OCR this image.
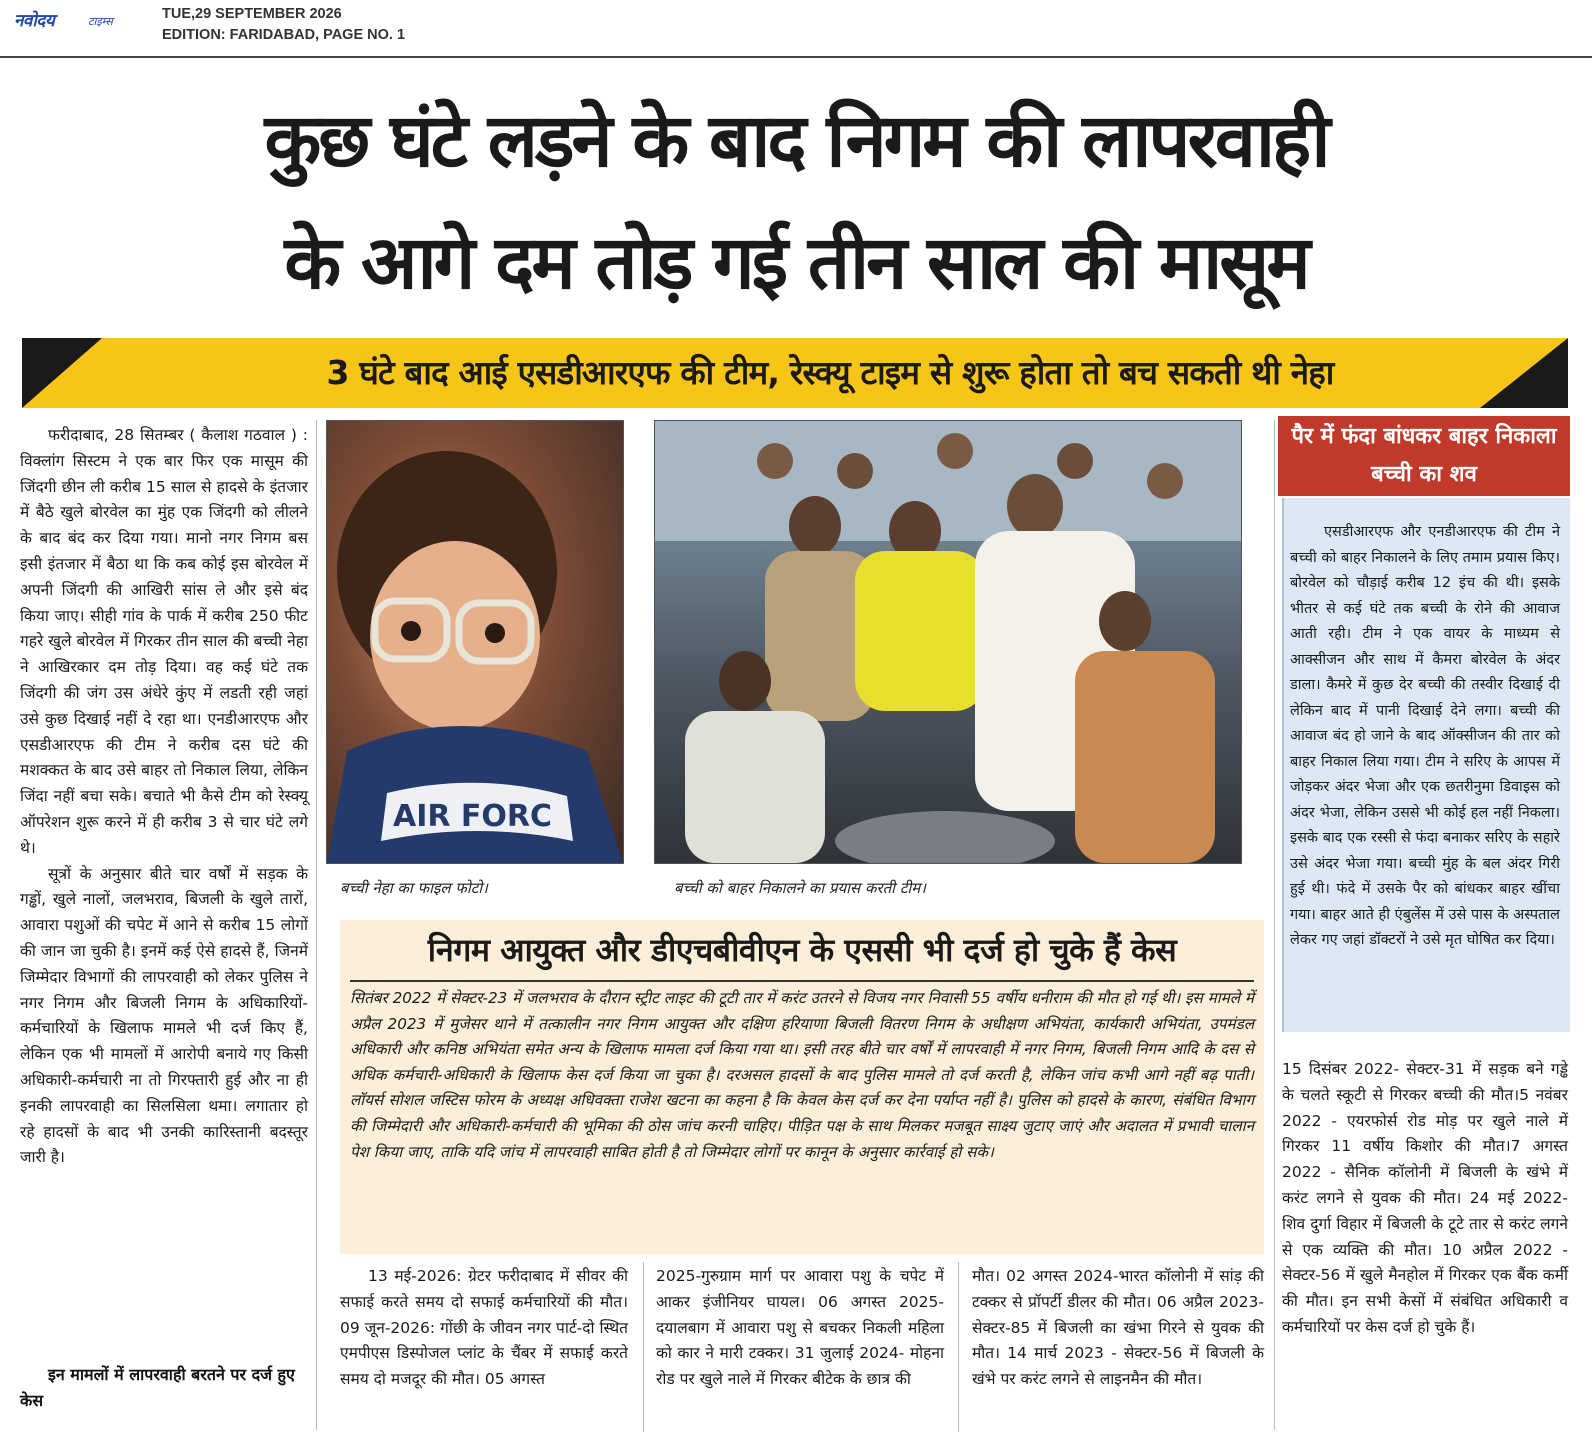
नवोदय	टाइम्स	TUE,29 SEPTEMBER 2026
EDITION: FARIDABAD, PAGE NO. 1
कुछ घंटे लड़ने के बाद निगम की लापरवाही
के आगे दम तोड़ गई तीन साल की मासूम
3 घंटे बाद आई एसडीआरएफ की टीम, रेस्क्यू टाइम से शुरू होता तो बच सकती थी नेहा

फरीदाबाद, 28 सितम्बर ( कैलाश गठवाल ) : विक्लांग सिस्टम ने एक बार फिर एक मासूम की जिंदगी छीन ली करीब 15 साल से हादसे के इंतजार में बैठे खुले बोरवेल का मुंह एक जिंदगी को लीलने के बाद बंद कर दिया गया। मानो नगर निगम बस इसी इंतजार में बैठा था कि कब कोई इस बोरवेल में अपनी जिंदगी की आखिरी सांस ले और इसे बंद किया जाए। सीही गांव के पार्क में करीब 250 फीट गहरे खुले बोरवेल में गिरकर तीन साल की बच्ची नेहा ने आखिरकार दम तोड़ दिया। वह कई घंटे तक जिंदगी की जंग उस अंधेरे कुंए में लडती रही जहां उसे कुछ दिखाई नहीं दे रहा था। एनडीआरएफ और एसडीआरएफ की टीम ने करीब दस घंटे की मशक्कत के बाद उसे बाहर तो निकाल लिया, लेकिन जिंदा नहीं बचा सके। बचाते भी कैसे टीम को रेस्क्यू ऑपरेशन शुरू करने में ही करीब 3 से चार घंटे लगे थे।

सूत्रों के अनुसार बीते चार वर्षों में सड़क के गड्ढों, खुले नालों, जलभराव, बिजली के खुले तारों, आवारा पशुओं की चपेट में आने से करीब 15 लोगों की जान जा चुकी है। इनमें कई ऐसे हादसे हैं, जिनमें जिम्मेदार विभागों की लापरवाही को लेकर पुलिस ने नगर निगम और बिजली निगम के अधिकारियों-कर्मचारियों के खिलाफ मामले भी दर्ज किए हैं, लेकिन एक भी मामलों में आरोपी बनाये गए किसी अधिकारी-कर्मचारी ना तो गिरफ्तारी हुई और ना ही इनकी लापरवाही का सिलसिला थमा। लगातार हो रहे हादसों के बाद भी उनकी कारिस्तानी बदस्तूर जारी है।

इन मामलों में लापरवाही बरतने पर दर्ज हुए केस
AIR FORC
बच्ची नेहा का फाइल फोटो।	बच्ची को बाहर निकालने का प्रयास करती टीम।
पैर में फंदा बांधकर बाहर निकाला बच्ची का शव
एसडीआरएफ और एनडीआरएफ की टीम ने बच्ची को बाहर निकालने के लिए तमाम प्रयास किए। बोरवेल को चौड़ाई करीब 12 इंच की थी। इसके भीतर से कई घंटे तक बच्ची के रोने की आवाज आती रही। टीम ने एक वायर के माध्यम से आक्सीजन और साथ में कैमरा बोरवेल के अंदर डाला। कैमरे में कुछ देर बच्ची की तस्वीर दिखाई दी लेकिन बाद में पानी दिखाई देने लगा। बच्ची की आवाज बंद हो जाने के बाद ऑक्सीजन की तार को बाहर निकाल लिया गया। टीम ने सरिए के आपस में जोड़कर अंदर भेजा और एक छतरीनुमा डिवाइस को अंदर भेजा, लेकिन उससे भी कोई हल नहीं निकला। इसके बाद एक रस्सी से फंदा बनाकर सरिए के सहारे उसे अंदर भेजा गया। बच्ची मुंह के बल अंदर गिरी हुई थी। फंदे में उसके पैर को बांधकर बाहर खींचा गया। बाहर आते ही एंबुलेंस में उसे पास के अस्पताल लेकर गए जहां डॉक्टरों ने उसे मृत घोषित कर दिया।

15 दिसंबर 2022- सेक्टर-31 में सड़क बने गड्ढे के चलते स्कूटी से गिरकर बच्ची की मौत।5 नवंबर 2022 - एयरफोर्स रोड मोड़ पर खुले नाले में गिरकर 11 वर्षीय किशोर की मौत।7 अगस्त 2022 - सैनिक कॉलोनी में बिजली के खंभे में करंट लगने से युवक की मौत। 24 मई 2022- शिव दुर्गा विहार में बिजली के टूटे तार से करंट लगने से एक व्यक्ति की मौत। 10 अप्रैल 2022 - सेक्टर-56 में खुले मैनहोल में गिरकर एक बैंक कर्मी की मौत। इन सभी केसों में संबंधित अधिकारी व कर्मचारियों पर केस दर्ज हो चुके हैं।

निगम आयुक्त और डीएचबीवीएन के एससी भी दर्ज हो चुके हैं केस
सितंबर 2022 में सेक्टर-23 में जलभराव के दौरान स्ट्रीट लाइट की टूटी तार में करंट उतरने से विजय नगर निवासी 55 वर्षीय धनीराम की मौत हो गई थी। इस मामले में अप्रैल 2023 में मुजेसर थाने में तत्कालीन नगर निगम आयुक्त और दक्षिण हरियाणा बिजली वितरण निगम के अधीक्षण अभियंता, कार्यकारी अभियंता, उपमंडल अधिकारी और कनिष्ठ अभियंता समेत अन्य के खिलाफ मामला दर्ज किया गया था। इसी तरह बीते चार वर्षों में लापरवाही में नगर निगम, बिजली निगम आदि के दस से अधिक कर्मचारी-अधिकारी के खिलाफ केस दर्ज किया जा चुका है। दरअसल हादसों के बाद पुलिस मामले तो दर्ज करती है, लेकिन जांच कभी आगे नहीं बढ़ पाती। लॉयर्स सोशल जस्टिस फोरम के अध्यक्ष अधिवक्ता राजेश खटना का कहना है कि केवल केस दर्ज कर देना पर्याप्त नहीं है। पुलिस को हादसे के कारण, संबंधित विभाग की जिम्मेदारी और अधिकारी-कर्मचारी की भूमिका की ठोस जांच करनी चाहिए। पीड़ित पक्ष के साथ मिलकर मजबूत साक्ष्य जुटाए जाएं और अदालत में प्रभावी चालान पेश किया जाए, ताकि यदि जांच में लापरवाही साबित होती है तो जिम्मेदार लोगों पर कानून के अनुसार कार्रवाई हो सके।

13 मई-2026: ग्रेटर फरीदाबाद में सीवर की सफाई करते समय दो सफाई कर्मचारियों की मौत। 09 जून-2026: गोंछी के जीवन नगर पार्ट-दो स्थित एमपीएस डिस्पोजल प्लांट के चैंबर में सफाई करते समय दो मजदूर की मौत। 05 अगस्त

2025-गुरुग्राम मार्ग पर आवारा पशु के चपेट में आकर इंजीनियर घायल। 06 अगस्त 2025-दयालबाग में आवारा पशु से बचकर निकली महिला को कार ने मारी टक्कर। 31 जुलाई 2024- मोहना रोड पर खुले नाले में गिरकर बीटेक के छात्र की
मौत। 02 अगस्त 2024-भारत कॉलोनी में सांड़ की टक्कर से प्रॉपर्टी डीलर की मौत। 06 अप्रैल 2023- सेक्टर-85 में बिजली का खंभा गिरने से युवक की मौत। 14 मार्च 2023 - सेक्टर-56 में बिजली के खंभे पर करंट लगने से लाइनमैन की मौत।
